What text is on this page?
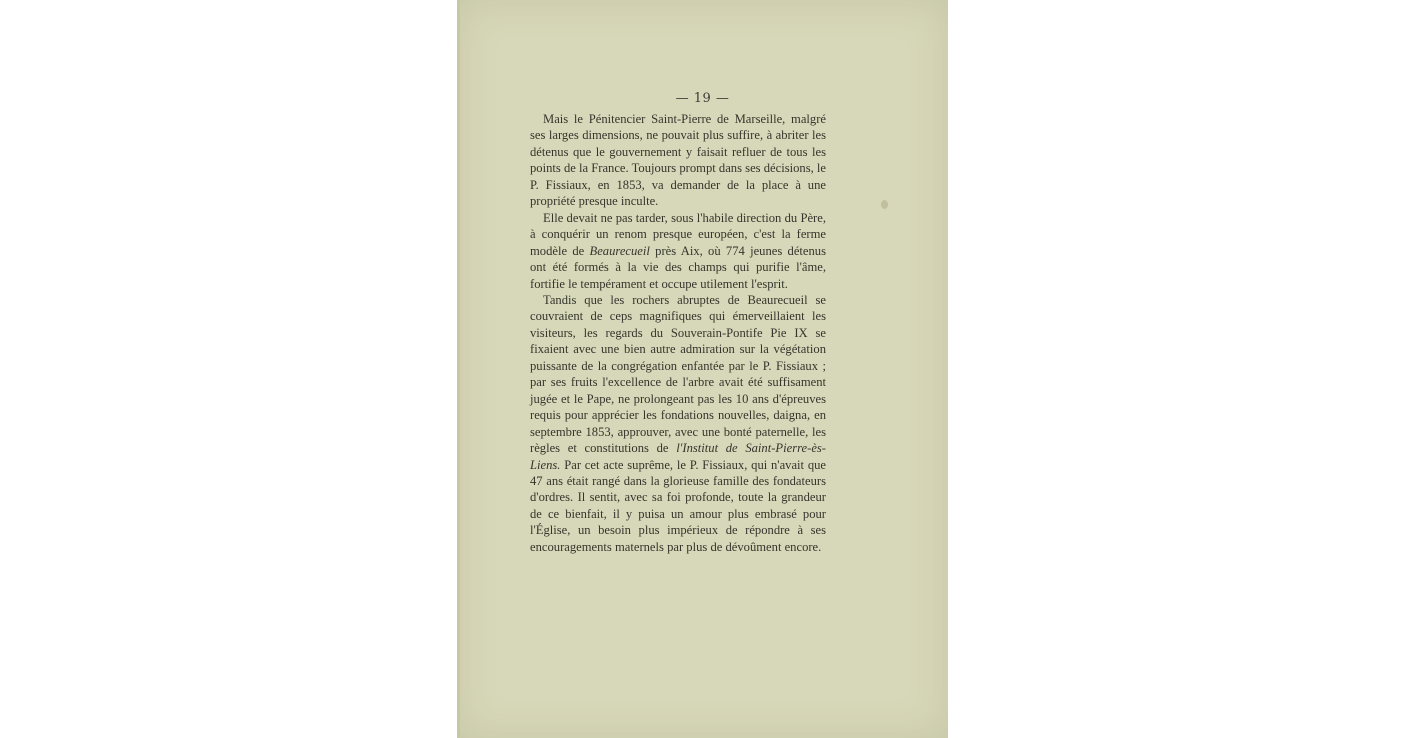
— 19 —

Mais le Pénitencier Saint-Pierre de Marseille, malgré ses larges dimensions, ne pouvait plus suffire, à abriter les détenus que le gouvernement y faisait refluer de tous les points de la France. Toujours prompt dans ses décisions, le P. Fissiaux, en 1853, va demander de la place à une propriété presque inculte.

Elle devait ne pas tarder, sous l'habile direction du Père, à conquérir un renom presque européen, c'est la ferme modèle de Beaurecueil près Aix, où 774 jeunes détenus ont été formés à la vie des champs qui purifie l'âme, fortifie le tempérament et occupe utilement l'esprit.

Tandis que les rochers abruptes de Beaurecueil se couvraient de ceps magnifiques qui émerveillaient les visiteurs, les regards du Souverain-Pontife Pie IX se fixaient avec une bien autre admiration sur la végétation puissante de la congrégation enfantée par le P. Fissiaux ; par ses fruits l'excellence de l'arbre avait été suffisament jugée et le Pape, ne prolongeant pas les 10 ans d'épreuves requis pour apprécier les fondations nouvelles, daigna, en septembre 1853, approuver, avec une bonté paternelle, les règles et constitutions de l'Institut de Saint-Pierre-ès-Liens. Par cet acte suprême, le P. Fissiaux, qui n'avait que 47 ans était rangé dans la glorieuse famille des fondateurs d'ordres. Il sentit, avec sa foi profonde, toute la grandeur de ce bienfait, il y puisa un amour plus embrasé pour l'Église, un besoin plus impérieux de répondre à ses encouragements maternels par plus de dévoûment encore.
